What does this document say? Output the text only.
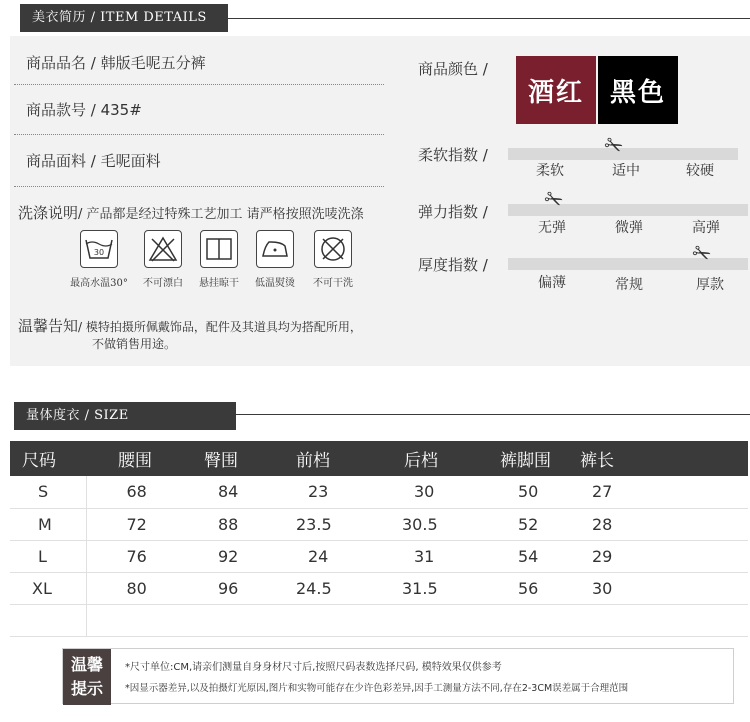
美衣简历 / ITEM DETAILS
商品品名 / 韩版毛呢五分裤
商品款号 / 435#
商品面料 / 毛呢面料
洗涤说明/ 产品都是经过特殊工艺加工 请严格按照洗唛洗涤
30
最高水温30°	不可漂白	悬挂晾干	低温熨烫	不可干洗
温馨告知/ 模特拍摄所佩戴饰品，配件及其道具均为搭配所用，
不做销售用途。
商品颜色 /
酒红 黑色
柔软指数 /	✂
柔软	适中	较硬
弹力指数 / ✂
无弹	微弹	高弹
厚度指数 /	✂
偏薄	常规	厚款
量体度衣 / SIZE
尺码	腰围	臀围	前档	后档	裤脚围	裤长
S	68	84	23	30	50	27
M	72	88	23.5	30.5	52	28
L	76	92	24	31	54	29
XL	80	96	24.5	31.5	56	30

温馨
提示
*尺寸单位:CM,请亲们测量自身身材尺寸后,按照尺码表数选择尺码, 模特效果仅供参考
*因显示器差异,以及拍摄灯光原因,图片和实物可能存在少许色彩差异,因手工测量方法不同,存在2-3CM误差属于合理范围
